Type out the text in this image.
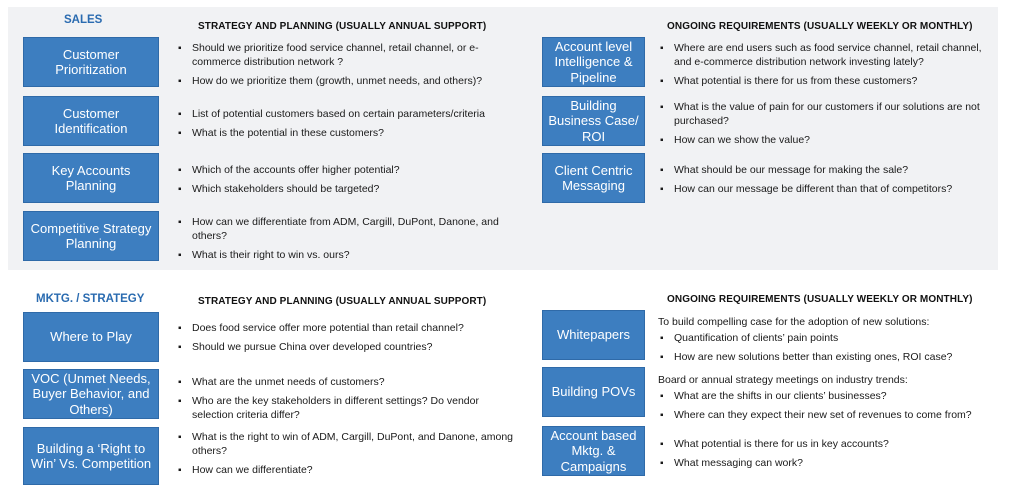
SALES
STRATEGY AND PLANNING (USUALLY ANNUAL SUPPORT)	ONGOING REQUIREMENTS (USUALLY WEEKLY OR MONTHLY)
Customer Prioritization
▪ Should we prioritize food service channel, retail channel, or e-commerce distribution network ?
▪ How do we prioritize them (growth, unmet needs, and others)?
Customer Identification
▪ List of potential customers based on certain parameters/criteria
▪ What is the potential in these customers?
Key Accounts Planning
▪ Which of the accounts offer higher potential?
▪ Which stakeholders should be targeted?
Competitive Strategy Planning
▪ How can we differentiate from ADM, Cargill, DuPont, Danone, and others?
▪ What is their right to win vs. ours?
Account level Intelligence & Pipeline
▪ Where are end users such as food service channel, retail channel, and e-commerce distribution network investing lately?
▪ What potential is there for us from these customers?
Building Business Case/ ROI
▪ What is the value of pain for our customers if our solutions are not purchased?
▪ How can we show the value?
Client Centric Messaging
▪ What should be our message for making the sale?
▪ How can our message be different than that of competitors?
MKTG. / STRATEGY	STRATEGY AND PLANNING (USUALLY ANNUAL SUPPORT)	ONGOING REQUIREMENTS (USUALLY WEEKLY OR MONTHLY)
Where to Play
▪ Does food service offer more potential than retail channel?
▪ Should we pursue China over developed countries?
VOC (Unmet Needs, Buyer Behavior, and Others)
▪ What are the unmet needs of customers?
▪ Who are the key stakeholders in different settings? Do vendor selection criteria differ?
Building a ‘Right to Win’ Vs. Competition
▪ What is the right to win of ADM, Cargill, DuPont, and Danone, among others?
▪ How can we differentiate?
Whitepapers
To build compelling case for the adoption of new solutions:
▪ Quantification of clients’ pain points
▪ How are new solutions better than existing ones, ROI case?
Building POVs
Board or annual strategy meetings on industry trends:
▪ What are the shifts in our clients’ businesses?
▪ Where can they expect their new set of revenues to come from?
Account based Mktg. & Campaigns
▪ What potential is there for us in key accounts?
▪ What messaging can work?
